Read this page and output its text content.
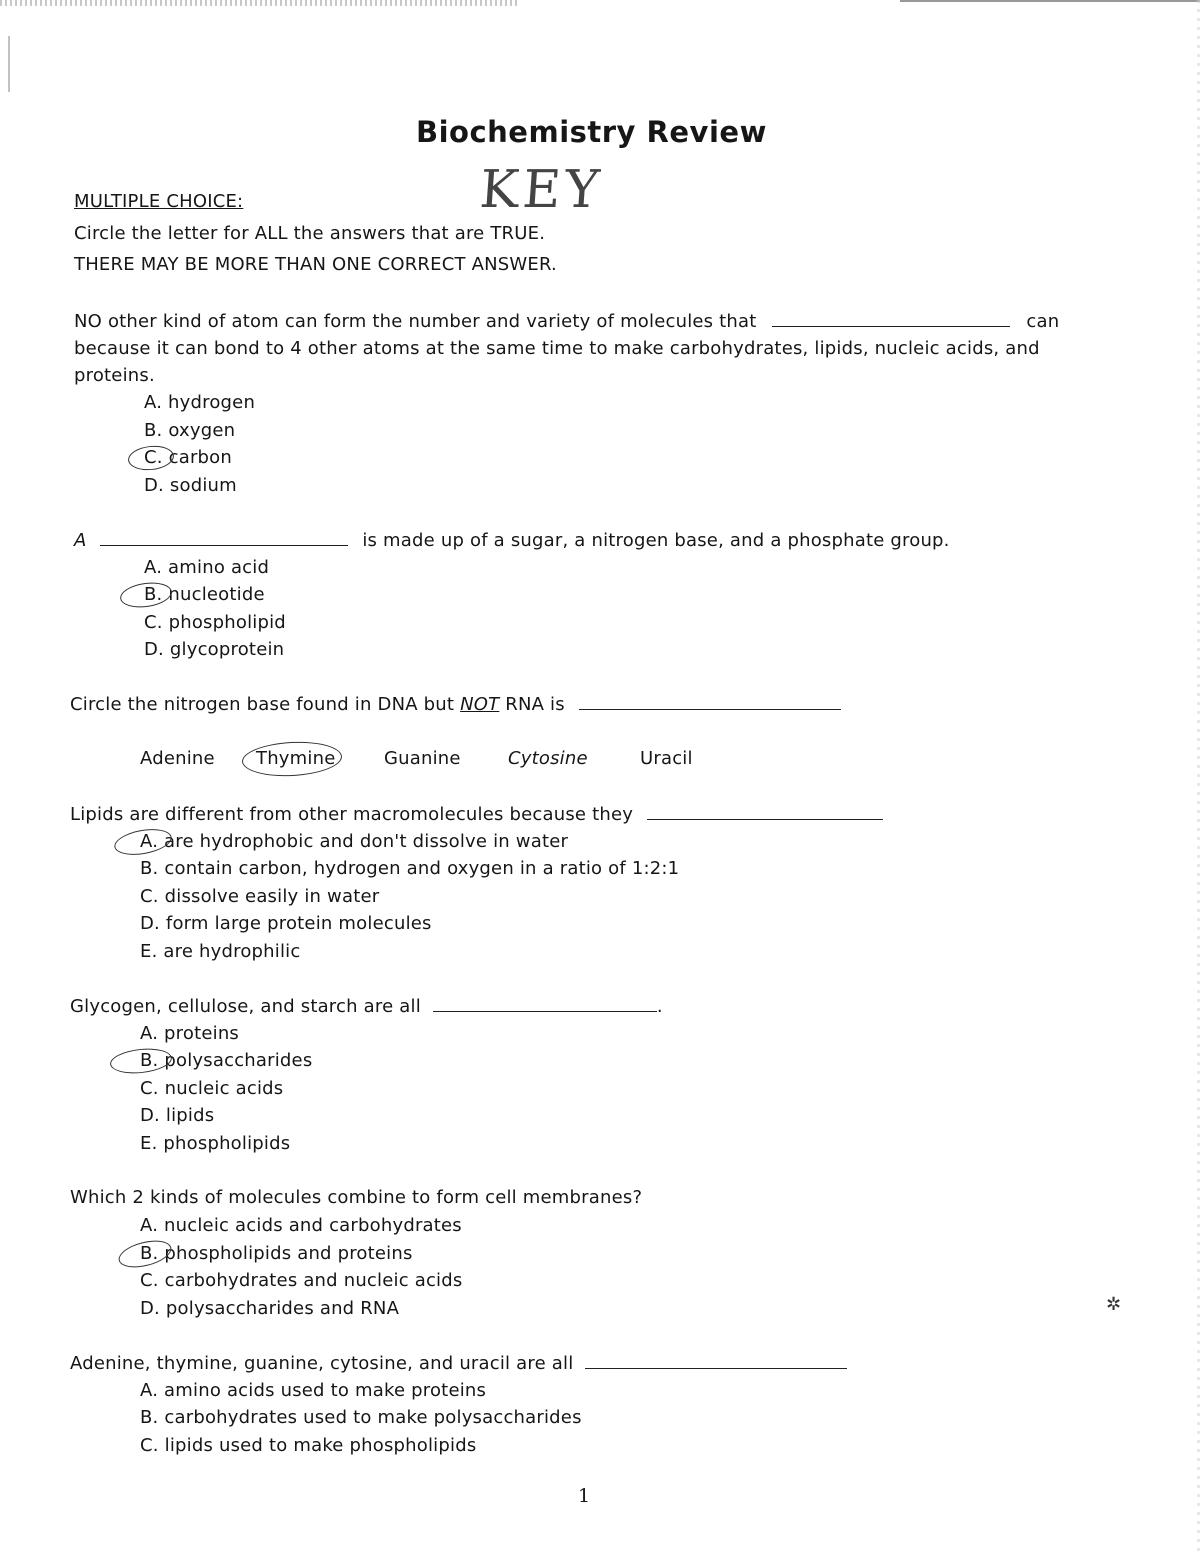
✲
Biochemistry Review
KEY
MULTIPLE CHOICE:
Circle the letter for ALL the answers that are TRUE.
THERE MAY BE MORE THAN ONE CORRECT ANSWER.
NO other kind of atom can form the number and variety of molecules that	can
because it can bond to 4 other atoms at the same time to make carbohydrates, lipids, nucleic acids, and
proteins.
A. hydrogen
B. oxygen
C. carbon
D. sodium
A	is made up of a sugar, a nitrogen base, and a phosphate group.
A. amino acid
B. nucleotide
C. phospholipid
D. glycoprotein
Circle the nitrogen base found in DNA but NOT RNA is
Adenine Thymine	Guanine	Cytosine	Uracil
Lipids are different from other macromolecules because they
A. are hydrophobic and don't dissolve in water
B. contain carbon, hydrogen and oxygen in a ratio of 1:2:1
C. dissolve easily in water
D. form large protein molecules
E. are hydrophilic
Glycogen, cellulose, and starch are all	.
A. proteins
B. polysaccharides
C. nucleic acids
D. lipids
E. phospholipids
Which 2 kinds of molecules combine to form cell membranes?
A. nucleic acids and carbohydrates
B. phospholipids and proteins
C. carbohydrates and nucleic acids
D. polysaccharides and RNA
Adenine, thymine, guanine, cytosine, and uracil are all
A. amino acids used to make proteins
B. carbohydrates used to make polysaccharides
C. lipids used to make phospholipids
1
